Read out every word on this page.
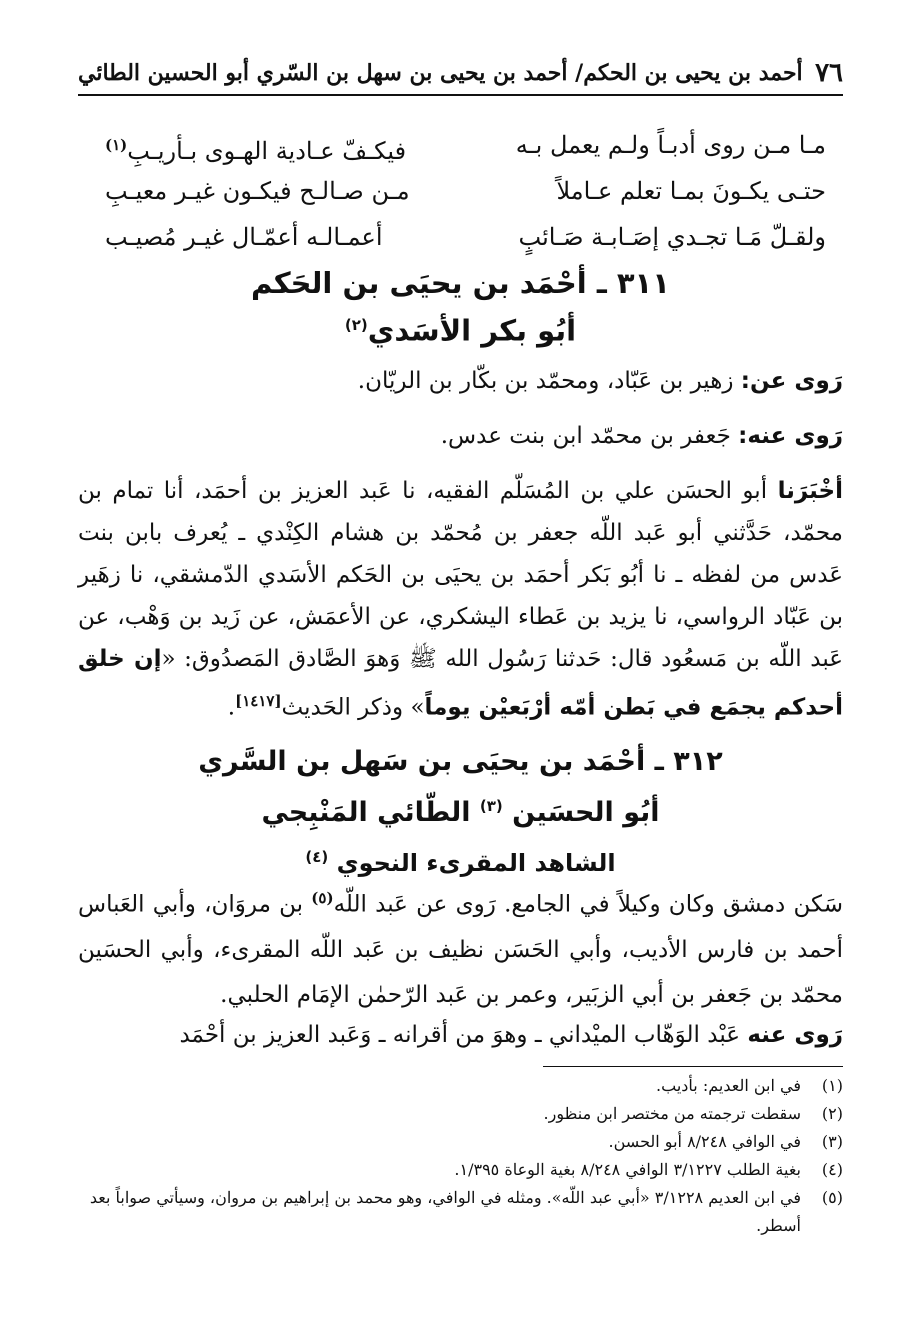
٧٦
أحمد بن يحيى بن الحكم/ أحمد بن يحيى بن سهل بن السّري أبو الحسين الطائي
مـا مـن روى أدبـاً ولـم يعمل بـه
فيكـفّ عـادية الهـوى بـأريـبِ$^{(١)}$
حتـى يكـونَ بمـا تعلم عـاملاً
مـن صـالـح فيكـون غيـر معيـبِ
ولقـلّ مَـا تجـدي إصَـابـة صَـائبٍ
أعمـالـه أعمّـال غيـر مُصيـب
٣١١ ـ أحْمَد بن يحيَى بن الحَكم
أبُو بكر الأسَدي$^{(٢)}$
رَوى عن: زهير بن عَبّاد، ومحمّد بن بكّار بن الريّان.
رَوى عنه: جَعفر بن محمّد ابن بنت عدس.

أخْبَرَنا أبو الحسَن علي بن المُسَلّم الفقيه، نا عَبد العزيز بن أحمَد، أنا تمام بن محمّد، حَدَّثني أبو عَبد اللّه جعفر بن مُحمّد بن هشام الكِنْدي ـ يُعرف بابن بنت عَدس من لفظه ـ نا أبُو بَكر أحمَد بن يحيَى بن الحَكم الأسَدي الدّمشقي، نا زهَير بن عَبّاد الرواسي، نا يزيد بن عَطاء اليشكري، عن الأعمَش، عن زَيد بن وَهْب، عن عَبد اللّه بن مَسعُود قال: حَدثنا رَسُول الله ﷺ وَهوَ الصَّادق المَصدُوق: «إن خلق أحدكم يجمَع في بَطن أمّه أرْبَعيْن يوماً» وذكر الحَديث[١٤١٧].

٣١٢ ـ أحْمَد بن يحيَى بن سَهل بن السَّري
أبُو الحسَين $^{(٣)}$ الطّائي المَنْبِجي
الشاهد المقرىء النحوي $^{(٤)}$

سَكن دمشق وكان وكيلاً في الجامع. رَوى عن عَبد اللّه$^{(٥)}$ بن مروَان، وأبي العَباس أحمد بن فارس الأديب، وأبي الحَسَن نظيف بن عَبد اللّه المقرىء، وأبي الحسَين محمّد بن جَعفر بن أبي الزبَير، وعمر بن عَبد الرّحمٰن الإمَام الحلبي.

رَوى عنه عَبْد الوَهّاب الميْداني ـ وهوَ من أقرانه ـ وَعَبد العزيز بن أحْمَد
(١)
في ابن العديم: بأديب.
(٢)
سقطت ترجمته من مختصر ابن منظور.
(٣)
في الوافي ٨/٢٤٨ أبو الحسن.
(٤)
بغية الطلب ٣/١٢٢٧ الوافي ٨/٢٤٨ بغية الوعاة ١/٣٩٥.
(٥)
في ابن العديم ٣/١٢٢٨ «أبي عبد اللّه». ومثله في الوافي، وهو محمد بن إبراهيم بن مروان، وسيأتي صواباً بعد أسطر.
